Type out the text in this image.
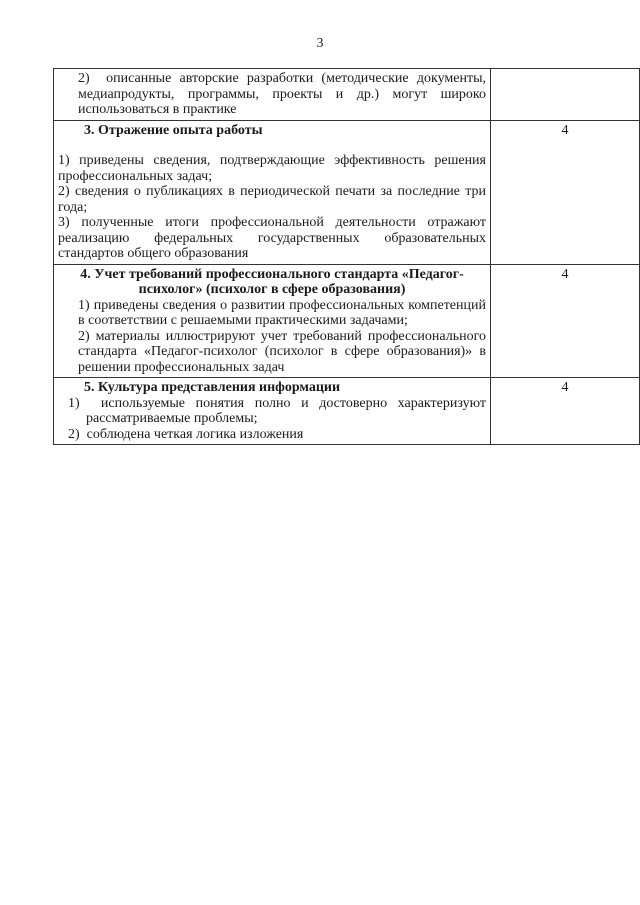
3
2)  описанные авторские разработки (методические документы, медиапродукты, программы, проекты и др.) могут широко использоваться в практике	

3. Отражение опыта работы
1) приведены сведения, подтверждающие эффективность решения профессиональных задач;
2) сведения о публикациях в периодической печати за последние три года;
3) полученные итоги профессиональной деятельности отражают реализацию федеральных государственных образовательных стандартов общего образования	4

4. Учет требований профессионального стандарта «Педагог-психолог» (психолог в сфере образования)
1) приведены сведения о развитии профессиональных компетенций в соответствии с решаемыми практическими задачами;
2) материалы иллюстрируют учет требований профессионального стандарта «Педагог-психолог (психолог в сфере образования)» в решении профессиональных задач	4

5. Культура представления информации
1)  используемые понятия полно и достоверно характеризуют рассматриваемые проблемы;
2)  соблюдена четкая логика изложения	4
